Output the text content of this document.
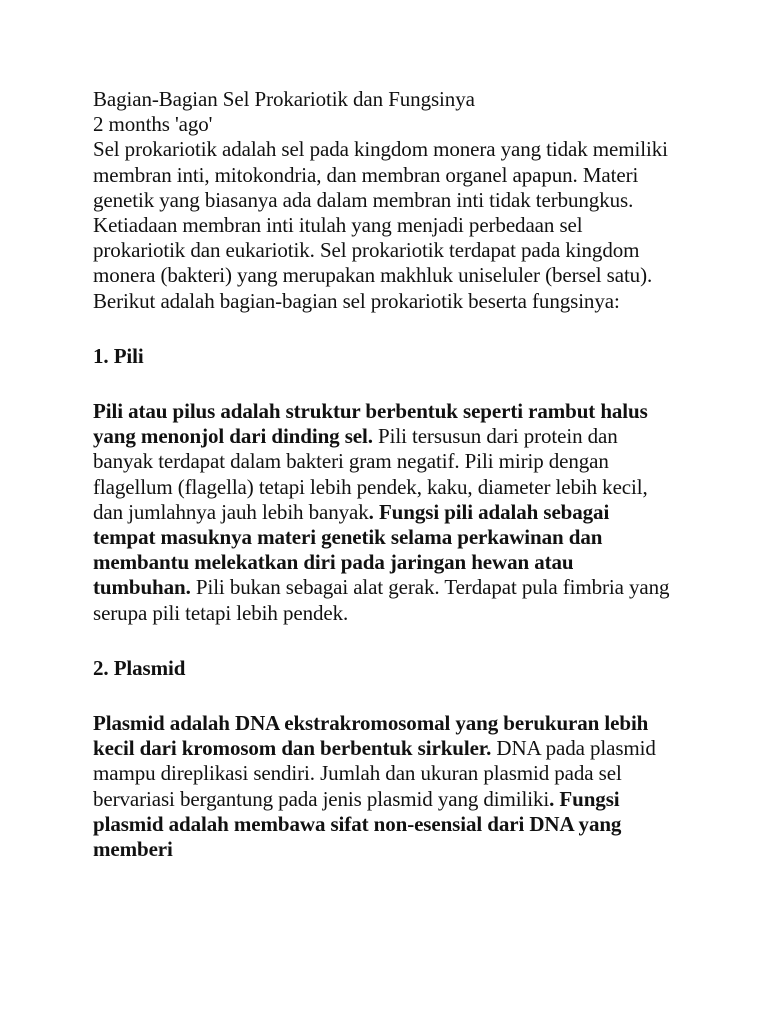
Bagian-Bagian Sel Prokariotik dan Fungsinya

2 months 'ago'

Sel prokariotik adalah sel pada kingdom monera yang tidak memiliki membran inti, mitokondria, dan membran organel apapun. Materi genetik yang biasanya ada dalam membran inti tidak terbungkus. Ketiadaan membran inti itulah yang menjadi perbedaan sel prokariotik dan eukariotik. Sel prokariotik terdapat pada kingdom monera (bakteri) yang merupakan makhluk uniseluler (bersel satu). Berikut adalah bagian-bagian sel prokariotik beserta fungsinya:

1. Pili

Pili atau pilus adalah struktur berbentuk seperti rambut halus yang menonjol dari dinding sel. Pili tersusun dari protein dan banyak terdapat dalam bakteri gram negatif. Pili mirip dengan flagellum (flagella) tetapi lebih pendek, kaku, diameter lebih kecil, dan jumlahnya jauh lebih banyak. Fungsi pili adalah sebagai tempat masuknya materi genetik selama perkawinan dan membantu melekatkan diri pada jaringan hewan atau tumbuhan. Pili bukan sebagai alat gerak. Terdapat pula fimbria yang serupa pili tetapi lebih pendek.

2. Plasmid

Plasmid adalah DNA ekstrakromosomal yang berukuran lebih kecil dari kromosom dan berbentuk sirkuler. DNA pada plasmid mampu direplikasi sendiri. Jumlah dan ukuran plasmid pada sel bervariasi bergantung pada jenis plasmid yang dimiliki. Fungsi plasmid adalah membawa sifat non-esensial dari DNA yang memberi
